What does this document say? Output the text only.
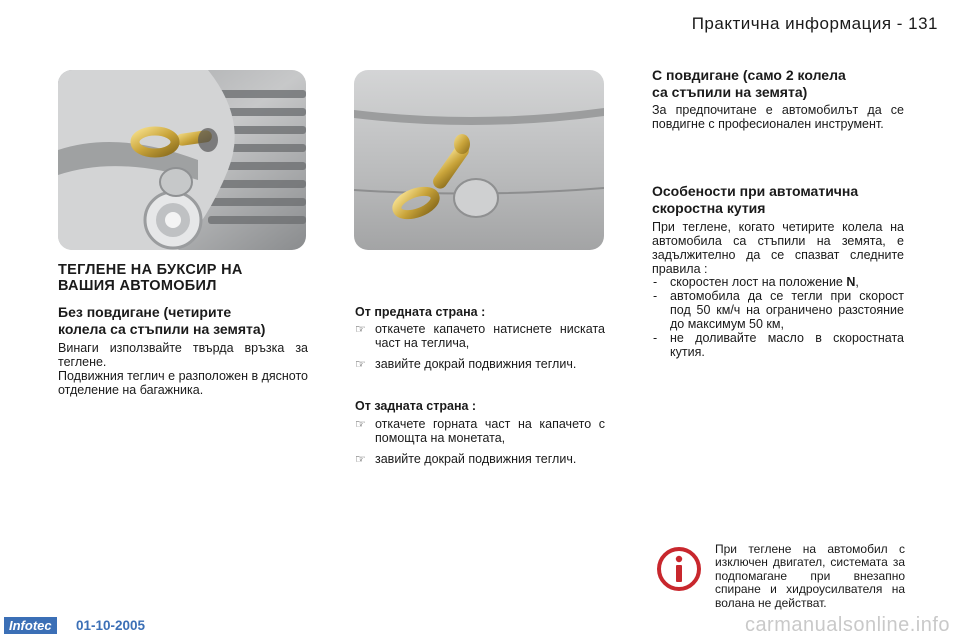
Практична информация - 131
ТЕГЛЕНЕ НА БУКСИР НА
ВАШИЯ АВТОМОБИЛ
Без повдигане (четирите
колела са стъпили на земята)
Винаги използвайте твърда връзка за теглене.
Подвижния теглич е разположен в дясното отделение на багажника.
От предната страна :
☞ откачете капачето натиснете ниската част на теглича,
☞ завийте докрай подвижния теглич.
От задната страна :
☞ откачете горната част на капачето с помощта на монетата,
☞ завийте докрай подвижния теглич.
С повдигане (само 2 колела
са стъпили на земята)
За предпочитане е автомобилът да се повдигне с професионален инструмент.
Особености при автоматична
скоростна кутия
При теглене, когато четирите колела на автомобила са стъпили на земята, е задължително да се спазват следните правила :
- скоростен лост на положение N,
- автомобила да се тегли при скорост под 50 км/ч на ограничено разстояние до максимум 50 км,
- не доливайте масло в скоростната кутия.
При теглене на автомобил с изключен двигател, системата за подпомагане при внезапно спиране и хидроусилвателя на волана не действат.
Infotec	01-10-2005	carmanualsonline.info
